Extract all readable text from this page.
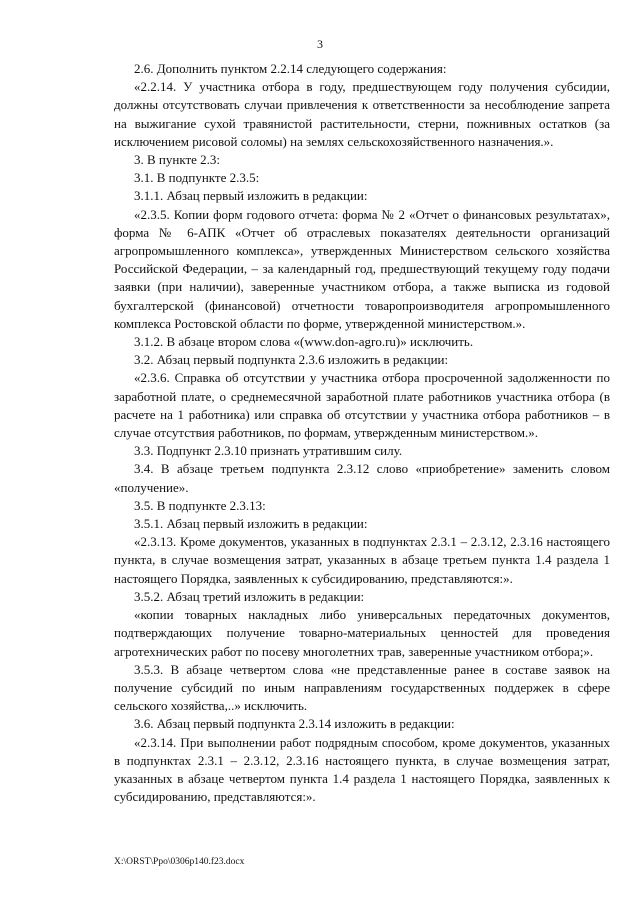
3

2.6. Дополнить пунктом 2.2.14 следующего содержания:

«2.2.14. У участника отбора в году, предшествующем году получения субсидии, должны отсутствовать случаи привлечения к ответственности за несоблюдение запрета на выжигание сухой травянистой растительности, стерни, пожнивных остатков (за исключением рисовой соломы) на землях сельскохозяйственного назначения.».

3. В пункте 2.3:

3.1. В подпункте 2.3.5:

3.1.1. Абзац первый изложить в редакции:

«2.3.5. Копии форм годового отчета: форма № 2 «Отчет о финансовых результатах», форма № 6-АПК «Отчет об отраслевых показателях деятельности организаций агропромышленного комплекса», утвержденных Министерством сельского хозяйства Российской Федерации, – за календарный год, предшествующий текущему году подачи заявки (при наличии), заверенные участником отбора, а также выписка из годовой бухгалтерской (финансовой) отчетности товаропроизводителя агропромышленного комплекса Ростовской области по форме, утвержденной министерством.».

3.1.2. В абзаце втором слова «(www.don-agro.ru)» исключить.

3.2. Абзац первый подпункта 2.3.6 изложить в редакции:

«2.3.6. Справка об отсутствии у участника отбора просроченной задолженности по заработной плате, о среднемесячной заработной плате работников участника отбора (в расчете на 1 работника) или справка об отсутствии у участника отбора работников – в случае отсутствия работников, по формам, утвержденным министерством.».

3.3. Подпункт 2.3.10 признать утратившим силу.

3.4. В абзаце третьем подпункта 2.3.12 слово «приобретение» заменить словом «получение».

3.5. В подпункте 2.3.13:

3.5.1. Абзац первый изложить в редакции:

«2.3.13. Кроме документов, указанных в подпунктах 2.3.1 – 2.3.12, 2.3.16 настоящего пункта, в случае возмещения затрат, указанных в абзаце третьем пункта 1.4 раздела 1 настоящего Порядка, заявленных к субсидированию, представляются:».

3.5.2. Абзац третий изложить в редакции:

«копии товарных накладных либо универсальных передаточных документов, подтверждающих получение товарно-материальных ценностей для проведения агротехнических работ по посеву многолетних трав, заверенные участником отбора;».

3.5.3. В абзаце четвертом слова «не представленные ранее в составе заявок на получение субсидий по иным направлениям государственных поддержек в сфере сельского хозяйства,..» исключить.

3.6. Абзац первый подпункта 2.3.14 изложить в редакции:

«2.3.14. При выполнении работ подрядным способом, кроме документов, указанных в подпунктах 2.3.1 – 2.3.12, 2.3.16 настоящего пункта, в случае возмещения затрат, указанных в абзаце четвертом пункта 1.4 раздела 1 настоящего Порядка, заявленных к субсидированию, представляются:».

X:\ORST\Ppo\0306p140.f23.docx
